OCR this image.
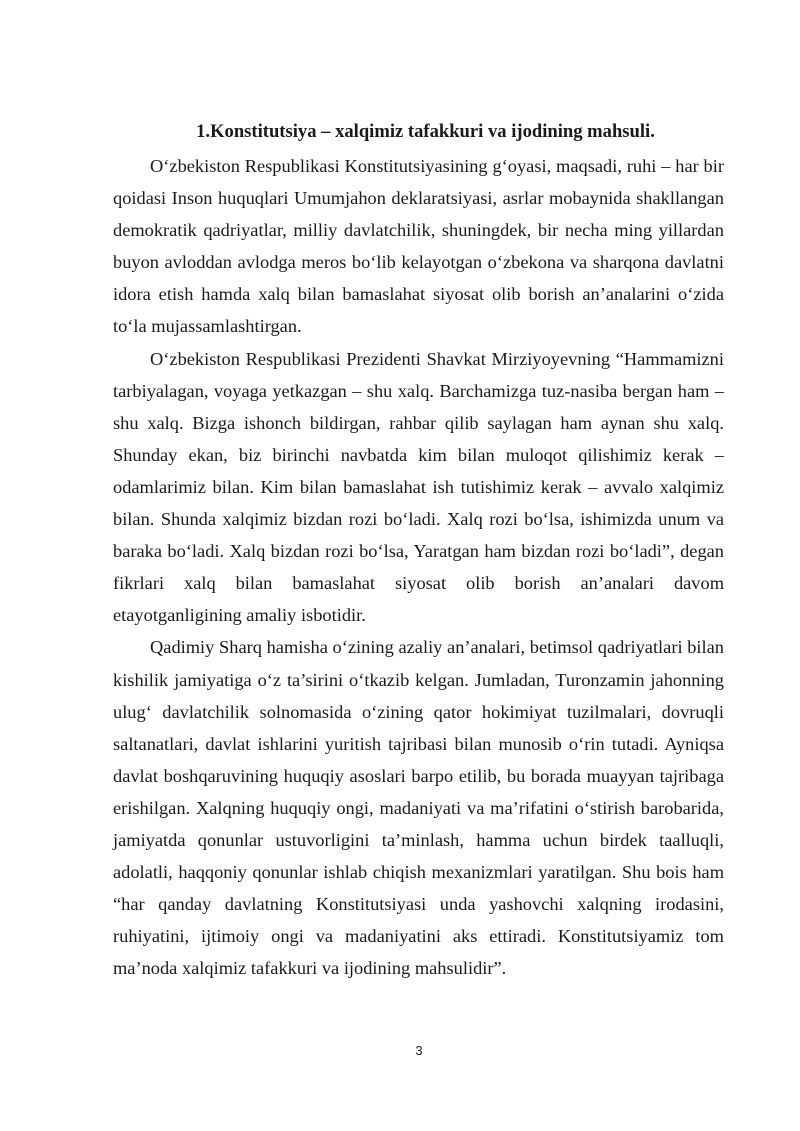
1.Konstitutsiya – xalqimiz tafakkuri va ijodining mahsuli.

O‘zbekiston Respublikasi Konstitutsiyasining g‘oyasi, maqsadi, ruhi – har bir qoidasi Inson huquqlari Umumjahon deklaratsiyasi, asrlar mobaynida shakllangan demokratik qadriyatlar, milliy davlatchilik, shuningdek, bir necha ming yillardan buyon avloddan avlodga meros bo‘lib kelayotgan o‘zbekona va sharqona davlatni idora etish hamda xalq bilan bamaslahat siyosat olib borish an’analarini o‘zida to‘la mujassamlashtirgan.

O‘zbekiston Respublikasi Prezidenti Shavkat Mirziyoyevning “Hammamizni tarbiyalagan, voyaga yetkazgan – shu xalq. Barchamizga tuz-nasiba bergan ham – shu xalq. Bizga ishonch bildirgan, rahbar qilib saylagan ham aynan shu xalq. Shunday ekan, biz birinchi navbatda kim bilan muloqot qilishimiz kerak – odamlarimiz bilan. Kim bilan bamaslahat ish tutishimiz kerak – avvalo xalqimiz bilan. Shunda xalqimiz bizdan rozi bo‘ladi. Xalq rozi bo‘lsa, ishimizda unum va baraka bo‘ladi. Xalq bizdan rozi bo‘lsa, Yaratgan ham bizdan rozi bo‘ladi”, degan fikrlari xalq bilan bamaslahat siyosat olib borish an’analari davom etayotganligining amaliy isbotidir.

Qadimiy Sharq hamisha o‘zining azaliy an’analari, betimsol qadriyatlari bilan kishilik jamiyatiga o‘z ta’sirini o‘tkazib kelgan. Jumladan, Turonzamin jahonning ulug‘ davlatchilik solnomasida o‘zining qator hokimiyat tuzilmalari, dovruqli saltanatlari, davlat ishlarini yuritish tajribasi bilan munosib o‘rin tutadi. Ayniqsa davlat boshqaruvining huquqiy asoslari barpo etilib, bu borada muayyan tajribaga erishilgan. Xalqning huquqiy ongi, madaniyati va ma’rifatini o‘stirish barobarida, jamiyatda qonunlar ustuvorligini ta’minlash, hamma uchun birdek taalluqli, adolatli, haqqoniy qonunlar ishlab chiqish mexanizmlari yaratilgan. Shu bois ham “har qanday davlatning Konstitutsiyasi unda yashovchi xalqning irodasini, ruhiyatini, ijtimoiy ongi va madaniyatini aks ettiradi. Konstitutsiyamiz tom ma’noda xalqimiz tafakkuri va ijodining mahsulidir”.

3
